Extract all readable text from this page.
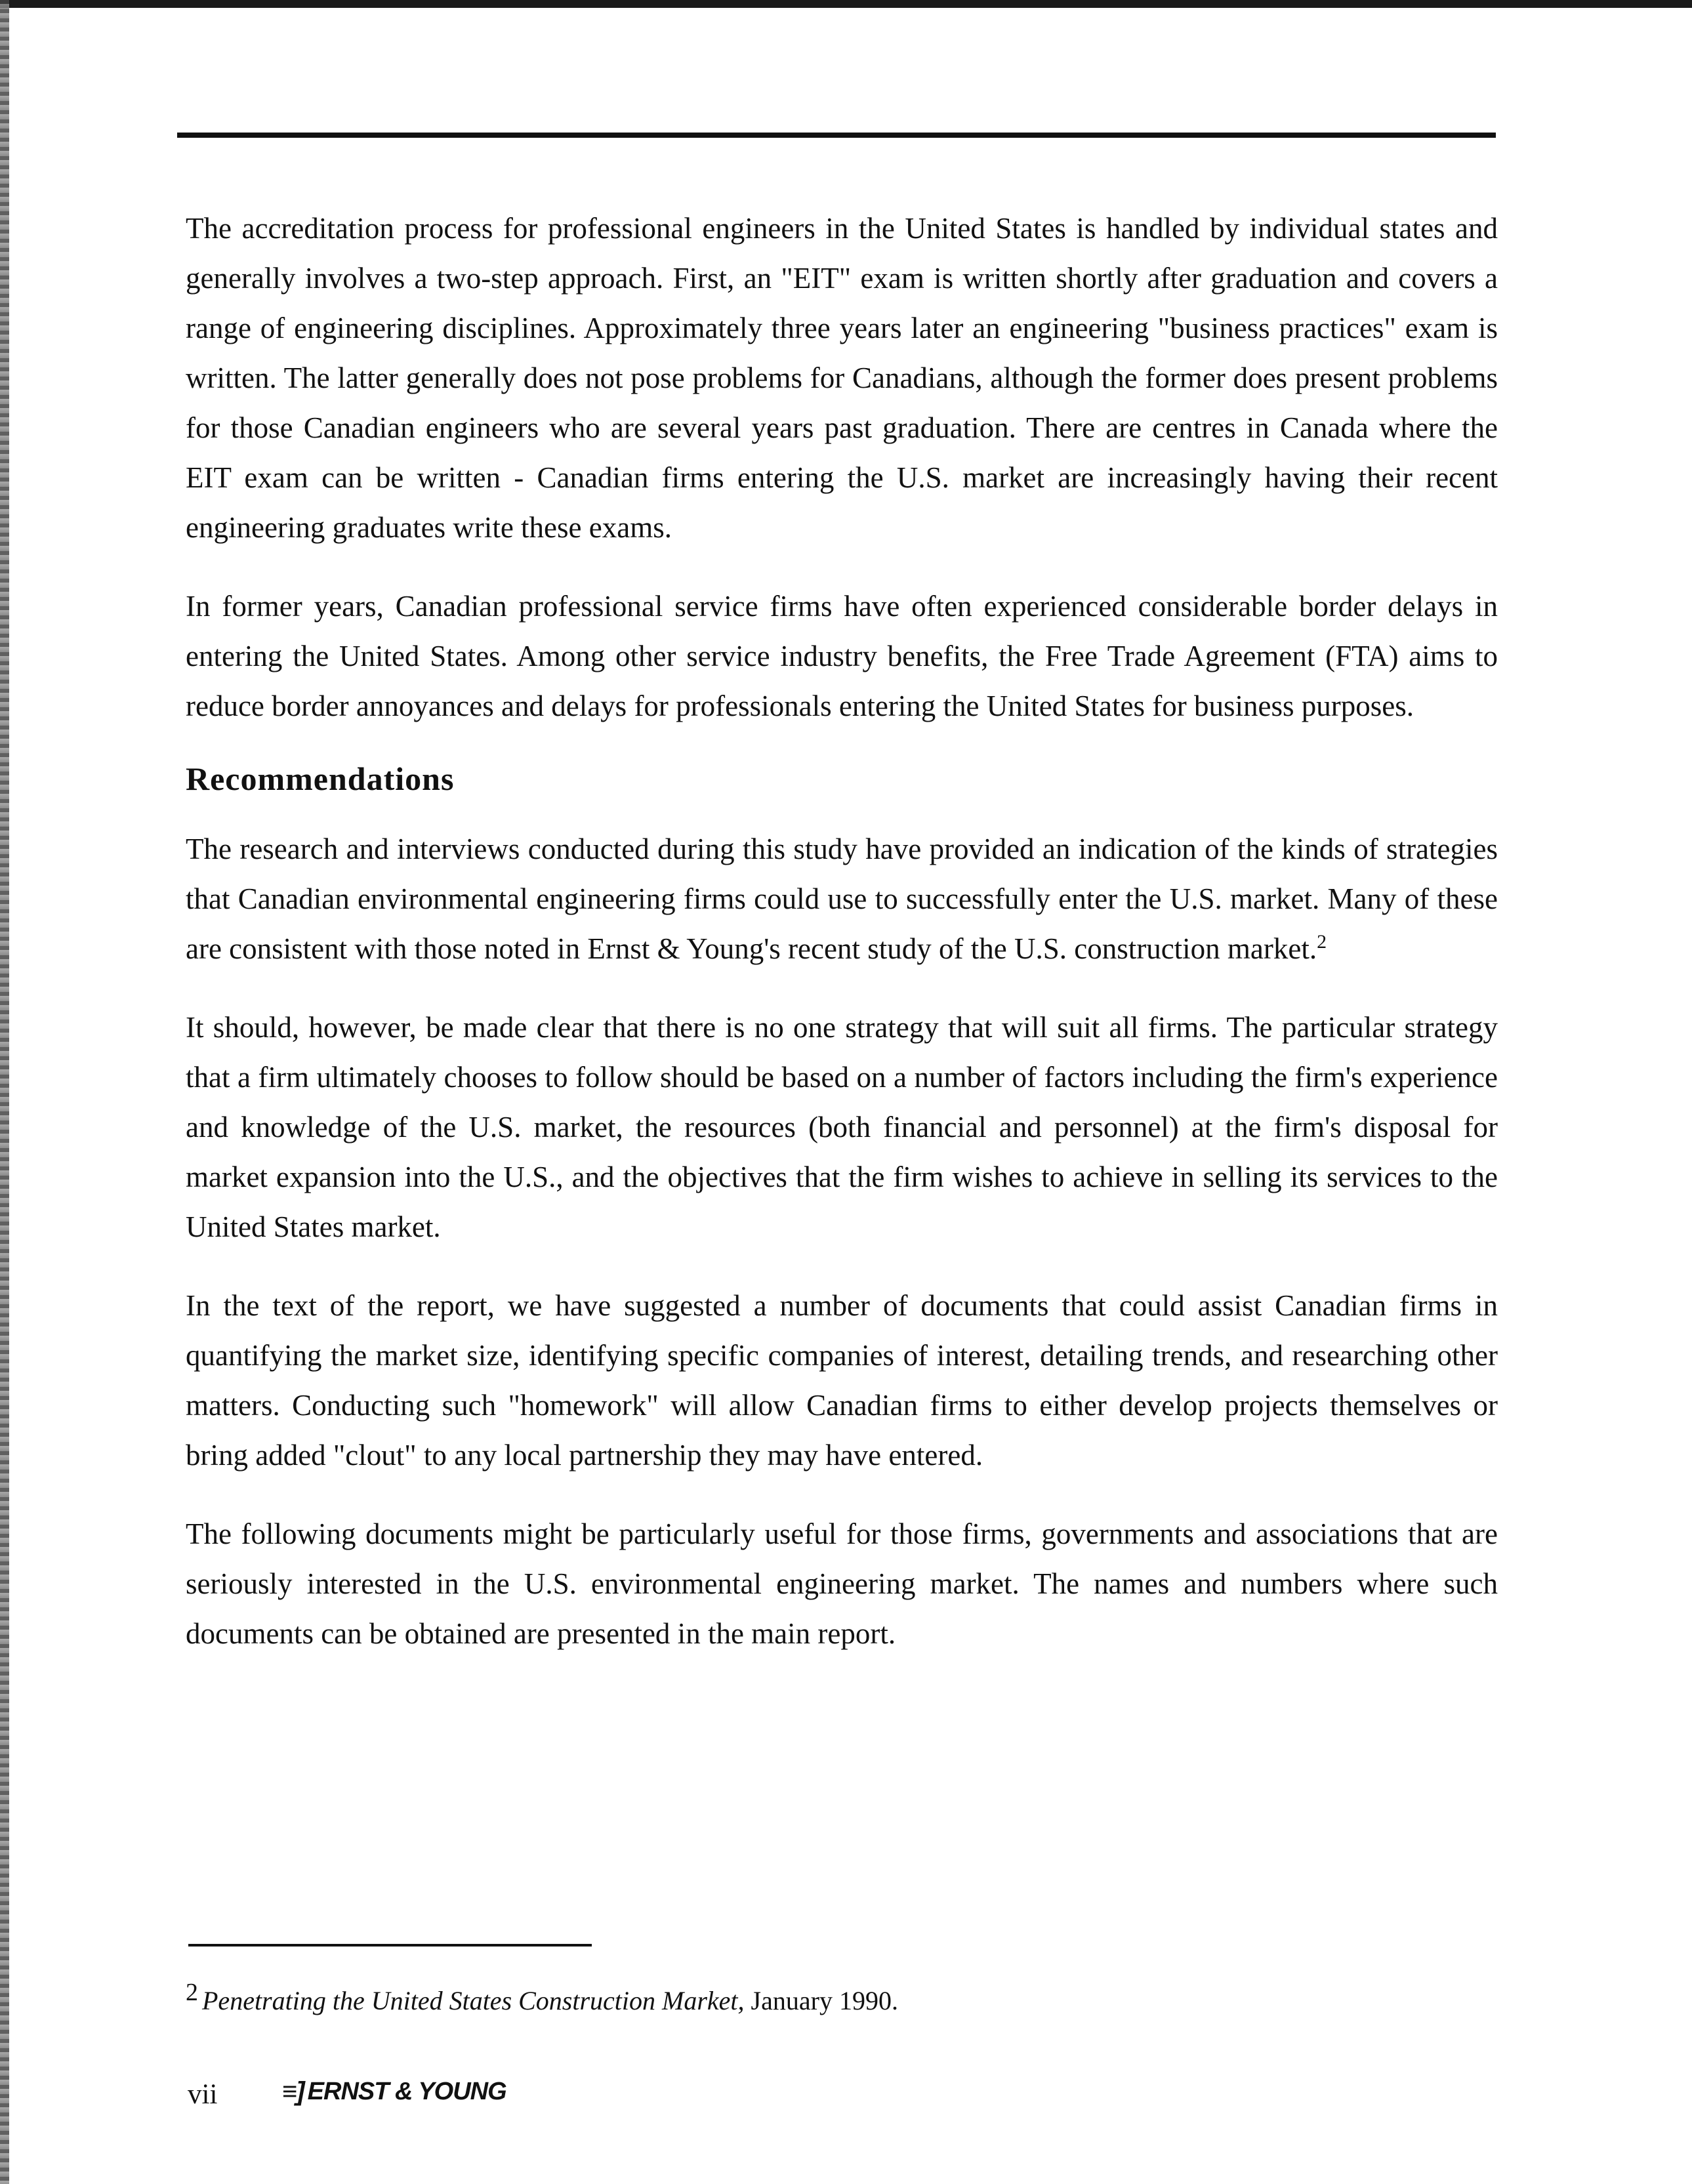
The accreditation process for professional engineers in the United States is handled by individual states and generally involves a two-step approach. First, an "EIT" exam is written shortly after graduation and covers a range of engineering disciplines. Approximately three years later an engineering "business practices" exam is written. The latter generally does not pose problems for Canadians, although the former does present problems for those Canadian engineers who are several years past graduation. There are centres in Canada where the EIT exam can be written - Canadian firms entering the U.S. market are increasingly having their recent engineering graduates write these exams.

In former years, Canadian professional service firms have often experienced considerable border delays in entering the United States. Among other service industry benefits, the Free Trade Agreement (FTA) aims to reduce border annoyances and delays for professionals entering the United States for business purposes.

Recommendations

The research and interviews conducted during this study have provided an indication of the kinds of strategies that Canadian environmental engineering firms could use to successfully enter the U.S. market. Many of these are consistent with those noted in Ernst & Young's recent study of the U.S. construction market.$^2$

It should, however, be made clear that there is no one strategy that will suit all firms. The particular strategy that a firm ultimately chooses to follow should be based on a number of factors including the firm's experience and knowledge of the U.S. market, the resources (both financial and personnel) at the firm's disposal for market expansion into the U.S., and the objectives that the firm wishes to achieve in selling its services to the United States market.

In the text of the report, we have suggested a number of documents that could assist Canadian firms in quantifying the market size, identifying specific companies of interest, detailing trends, and researching other matters. Conducting such "homework" will allow Canadian firms to either develop projects themselves or bring added "clout" to any local partnership they may have entered.

The following documents might be particularly useful for those firms, governments and associations that are seriously interested in the U.S. environmental engineering market. The names and numbers where such documents can be obtained are presented in the main report.

2 Penetrating the United States Construction Market, January 1990.
vii ≡] ERNST & YOUNG
